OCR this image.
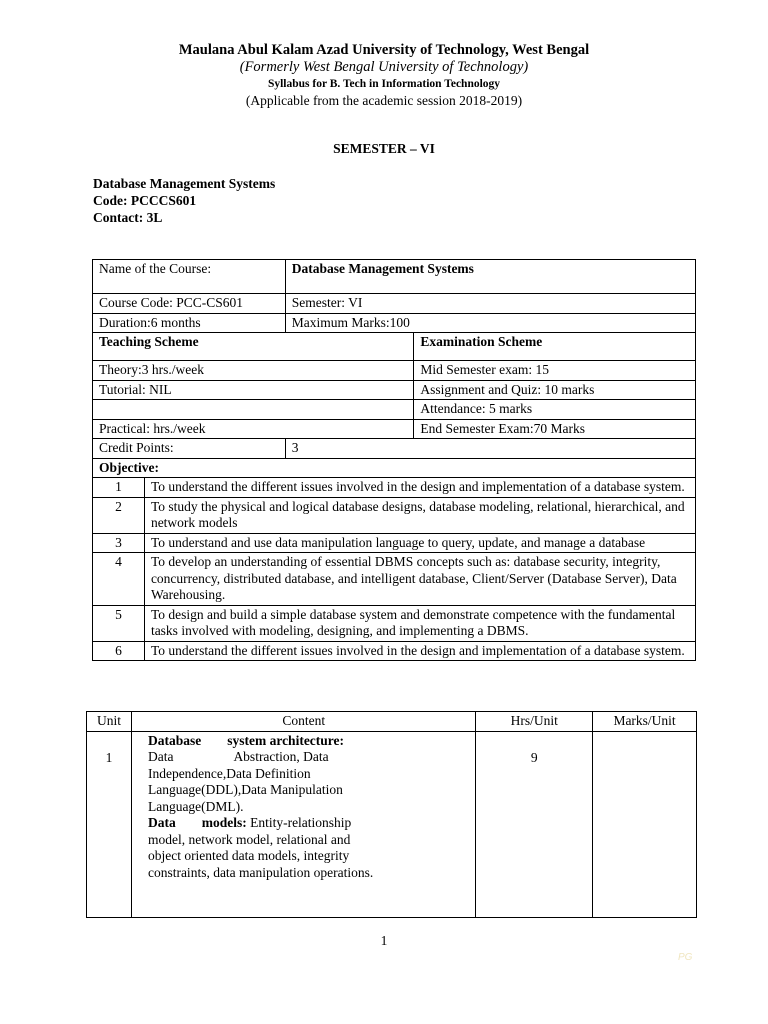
Maulana Abul Kalam Azad University of Technology, West Bengal
(Formerly West Bengal University of Technology)
Syllabus for B. Tech in Information Technology
(Applicable from the academic session 2018-2019)
SEMESTER – VI
Database Management Systems
Code: PCCCS601
Contact: 3L
Name of the Course:		Database Management Systems	
Course Code: PCC-CS601		Semester: VI	
Duration:6 months		Maximum Marks:100	
Teaching Scheme			Examination Scheme
Theory:3 hrs./week			Mid Semester exam: 15
Tutorial: NIL			Assignment and Quiz: 10 marks
			Attendance: 5 marks
Practical: hrs./week			End Semester Exam:70 Marks
Credit Points:		3	
Objective:			
1	To understand the different issues involved in the design and implementation of a database system.		
2	To study the physical and logical database designs, database modeling, relational, hierarchical, and network models		
3	To understand and use data manipulation language to query, update, and manage a database		
4	To develop an understanding of essential DBMS concepts such as: database security, integrity, concurrency, distributed database, and intelligent database, Client/Server (Database Server), Data Warehousing.		
5	To design and build a simple database system and demonstrate competence with the fundamental tasks involved with modeling, designing, and implementing a DBMS.		
6	To understand the different issues involved in the design and implementation of a database system.		
Unit	Content	Hrs/Unit	Marks/Unit
1	Database system architecture:
Data Abstraction, Data Independence,Data Definition Language(DDL),Data Manipulation Language(DML).
Data models: Entity-relationship model, network model, relational and object oriented data models, integrity constraints, data manipulation operations.	9	
1
PG
